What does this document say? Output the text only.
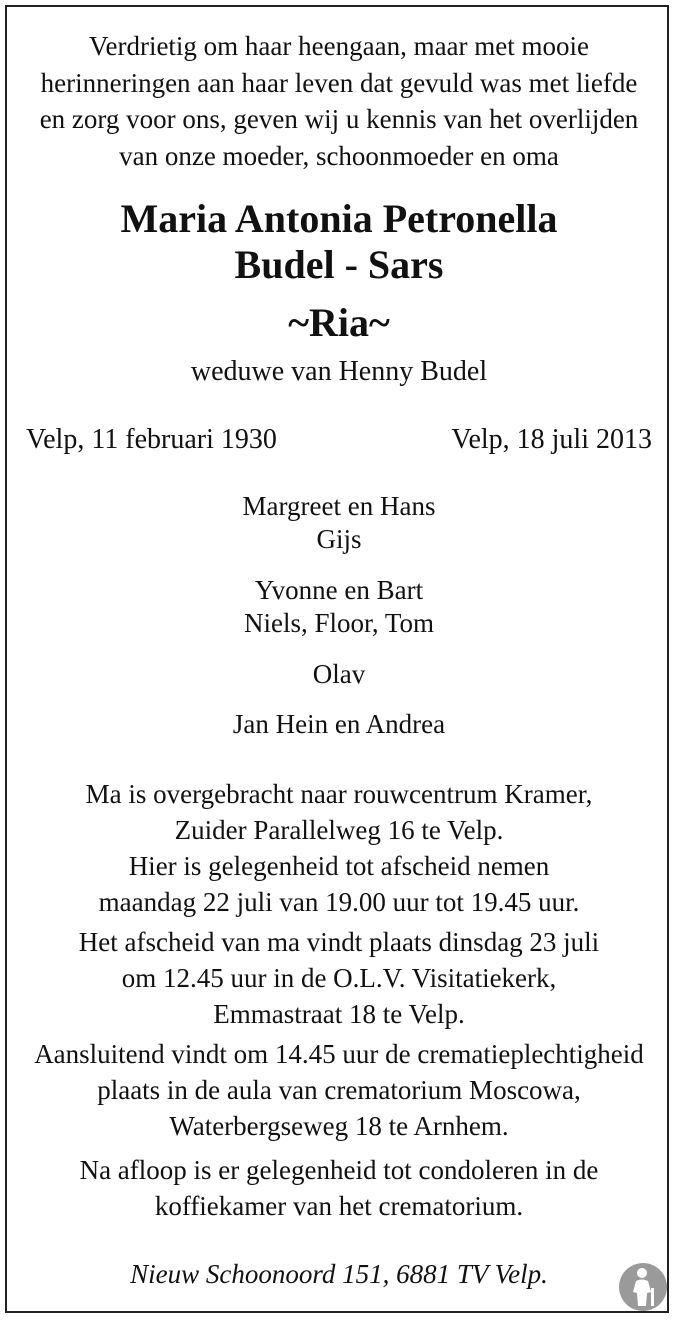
Verdrietig om haar heengaan, maar met mooie
herinneringen aan haar leven dat gevuld was met liefde
en zorg voor ons, geven wij u kennis van het overlijden
van onze moeder, schoonmoeder en oma
Maria Antonia Petronella
Budel - Sars
~Ria~
weduwe van Henny Budel
Velp, 11 februari 1930	Velp, 18 juli 2013
Margreet en Hans
Gijs
Yvonne en Bart
Niels, Floor, Tom
Olav
Jan Hein en Andrea
Ma is overgebracht naar rouwcentrum Kramer,
Zuider Parallelweg 16 te Velp.
Hier is gelegenheid tot afscheid nemen
maandag 22 juli van 19.00 uur tot 19.45 uur.
Het afscheid van ma vindt plaats dinsdag 23 juli
om 12.45 uur in de O.L.V. Visitatiekerk,
Emmastraat 18 te Velp.
Aansluitend vindt om 14.45 uur de crematieplechtigheid
plaats in de aula van crematorium Moscowa,
Waterbergseweg 18 te Arnhem.
Na afloop is er gelegenheid tot condoleren in de
koffiekamer van het crematorium.
Nieuw Schoonoord 151, 6881 TV Velp.
